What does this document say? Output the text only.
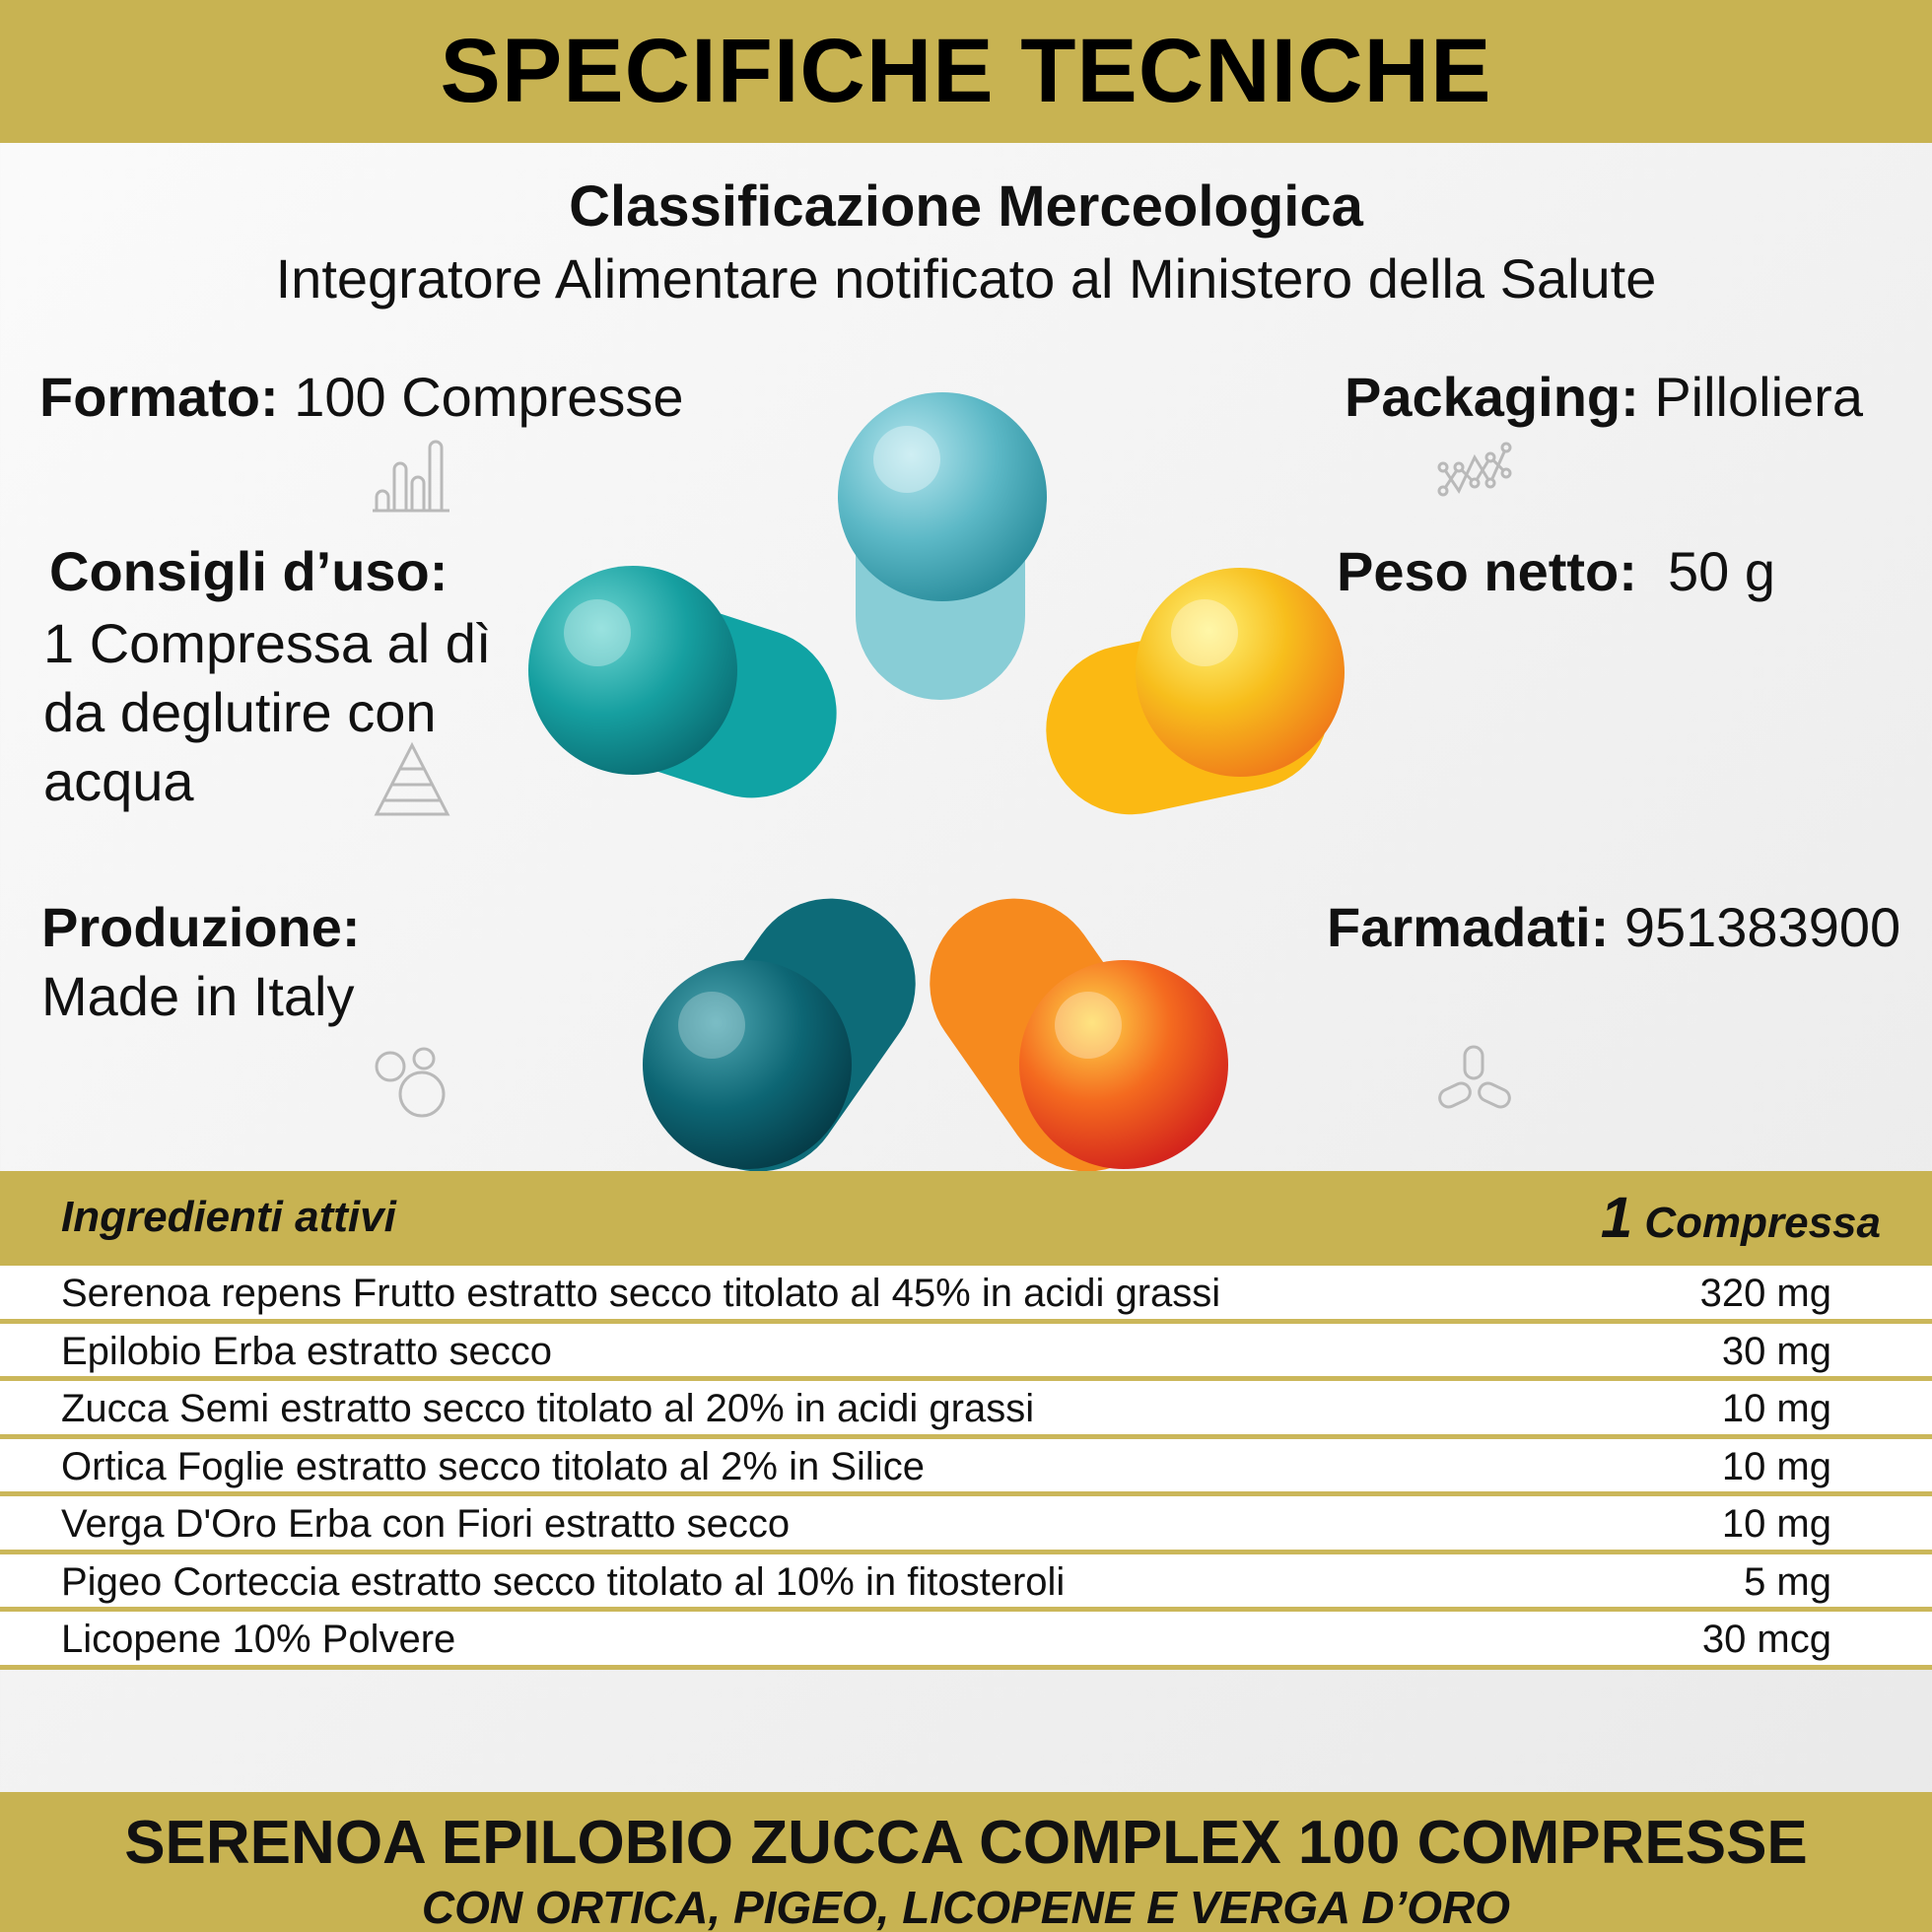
SPECIFICHE TECNICHE
Classificazione Merceologica
Integratore Alimentare notificato al Ministero della Salute
Formato: 100 Compresse
Consigli d’uso:
1 Compressa al dì
da deglutire con
acqua
Produzione:
Made in Italy
Packaging: Pilloliera
Peso netto:  50 g
Farmadati: 951383900
Ingredienti attivi	1 Compressa
Serenoa repens Frutto estratto secco titolato al 45% in acidi grassi	320 mg
Epilobio Erba estratto secco	30 mg
Zucca Semi estratto secco titolato al 20% in acidi grassi	10 mg
Ortica Foglie estratto secco titolato al 2% in Silice	10 mg
Verga D'Oro Erba con Fiori estratto secco	10 mg
Pigeo Corteccia estratto secco titolato al 10% in fitosteroli	5 mg
Licopene 10% Polvere	30 mcg
SERENOA EPILOBIO ZUCCA COMPLEX 100 COMPRESSE
CON ORTICA, PIGEO, LICOPENE E VERGA D’ORO
